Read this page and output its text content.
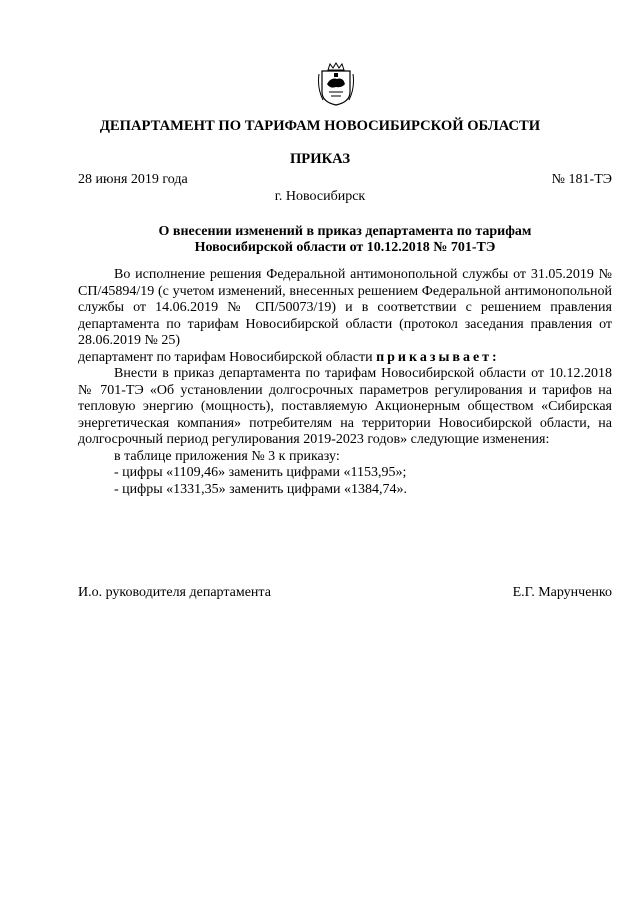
ДЕПАРТАМЕНТ ПО ТАРИФАМ НОВОСИБИРСКОЙ ОБЛАСТИ
ПРИКАЗ
28 июня 2019 года	№ 181-ТЭ
г. Новосибирск
О внесении изменений в приказ департамента по тарифам
Новосибирской области от 10.12.2018 № 701-ТЭ

Во исполнение решения Федеральной антимонопольной службы от 31.05.2019 № СП/45894/19 (с учетом изменений, внесенных решением Федеральной антимонопольной службы от 14.06.2019 № СП/50073/19) и в соответствии с решением правления департамента по тарифам Новосибирской области (протокол заседания правления от 28.06.2019 № 25)

департамент по тарифам Новосибирской области приказывает:

Внести в приказ департамента по тарифам Новосибирской области от 10.12.2018 № 701-ТЭ «Об установлении долгосрочных параметров регулирования и тарифов на тепловую энергию (мощность), поставляемую Акционерным обществом «Сибирская энергетическая компания» потребителям на территории Новосибирской области, на долгосрочный период регулирования 2019-2023 годов» следующие изменения:

в таблице приложения № 3 к приказу:

- цифры «1109,46» заменить цифрами «1153,95»;

- цифры «1331,35» заменить цифрами «1384,74».

И.о. руководителя департамента	Е.Г. Марунченко
